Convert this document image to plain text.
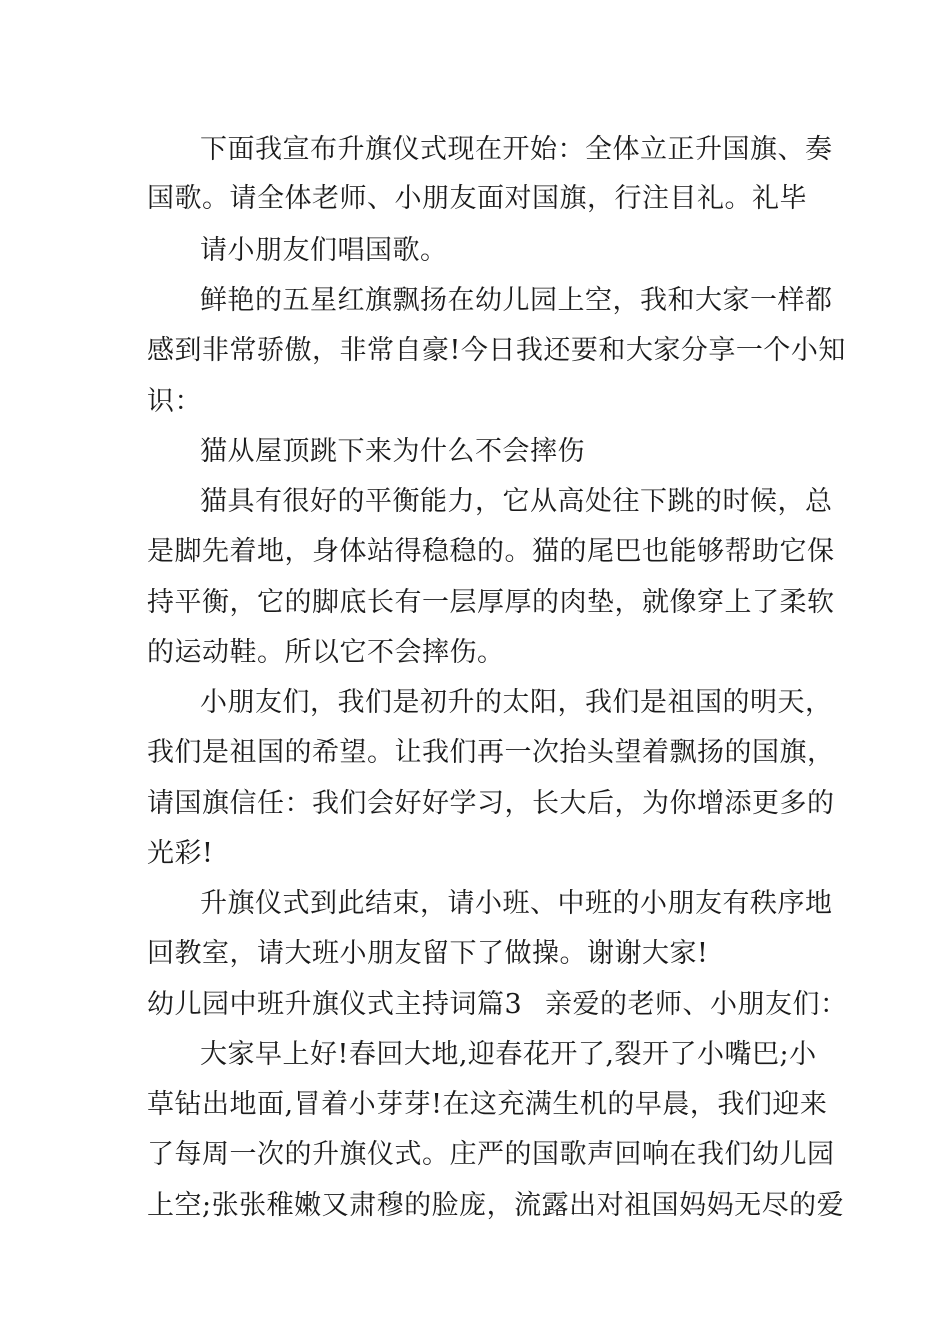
下面我宣布升旗仪式现在开始：全体立正升国旗、奏
国歌。请全体老师、小朋友面对国旗，行注目礼。礼毕
请小朋友们唱国歌。
鲜艳的五星红旗飘扬在幼儿园上空，我和大家一样都
感到非常骄傲，非常自豪!今日我还要和大家分享一个小知
识：
猫从屋顶跳下来为什么不会摔伤
猫具有很好的平衡能力，它从高处往下跳的时候，总
是脚先着地，身体站得稳稳的。猫的尾巴也能够帮助它保
持平衡，它的脚底长有一层厚厚的肉垫，就像穿上了柔软
的运动鞋。所以它不会摔伤。
小朋友们，我们是初升的太阳，我们是祖国的明天，
我们是祖国的希望。让我们再一次抬头望着飘扬的国旗，
请国旗信任：我们会好好学习，长大后，为你增添更多的
光彩!
升旗仪式到此结束，请小班、中班的小朋友有秩序地
回教室，请大班小朋友留下了做操。谢谢大家!
幼儿园中班升旗仪式主持词篇3 亲爱的老师、小朋友们：
大家早上好!春回大地,迎春花开了,裂开了小嘴巴;小
草钻出地面,冒着小芽芽!在这充满生机的早晨，我们迎来
了每周一次的升旗仪式。庄严的国歌声回响在我们幼儿园
上空;张张稚嫩又肃穆的脸庞，流露出对祖国妈妈无尽的爱
